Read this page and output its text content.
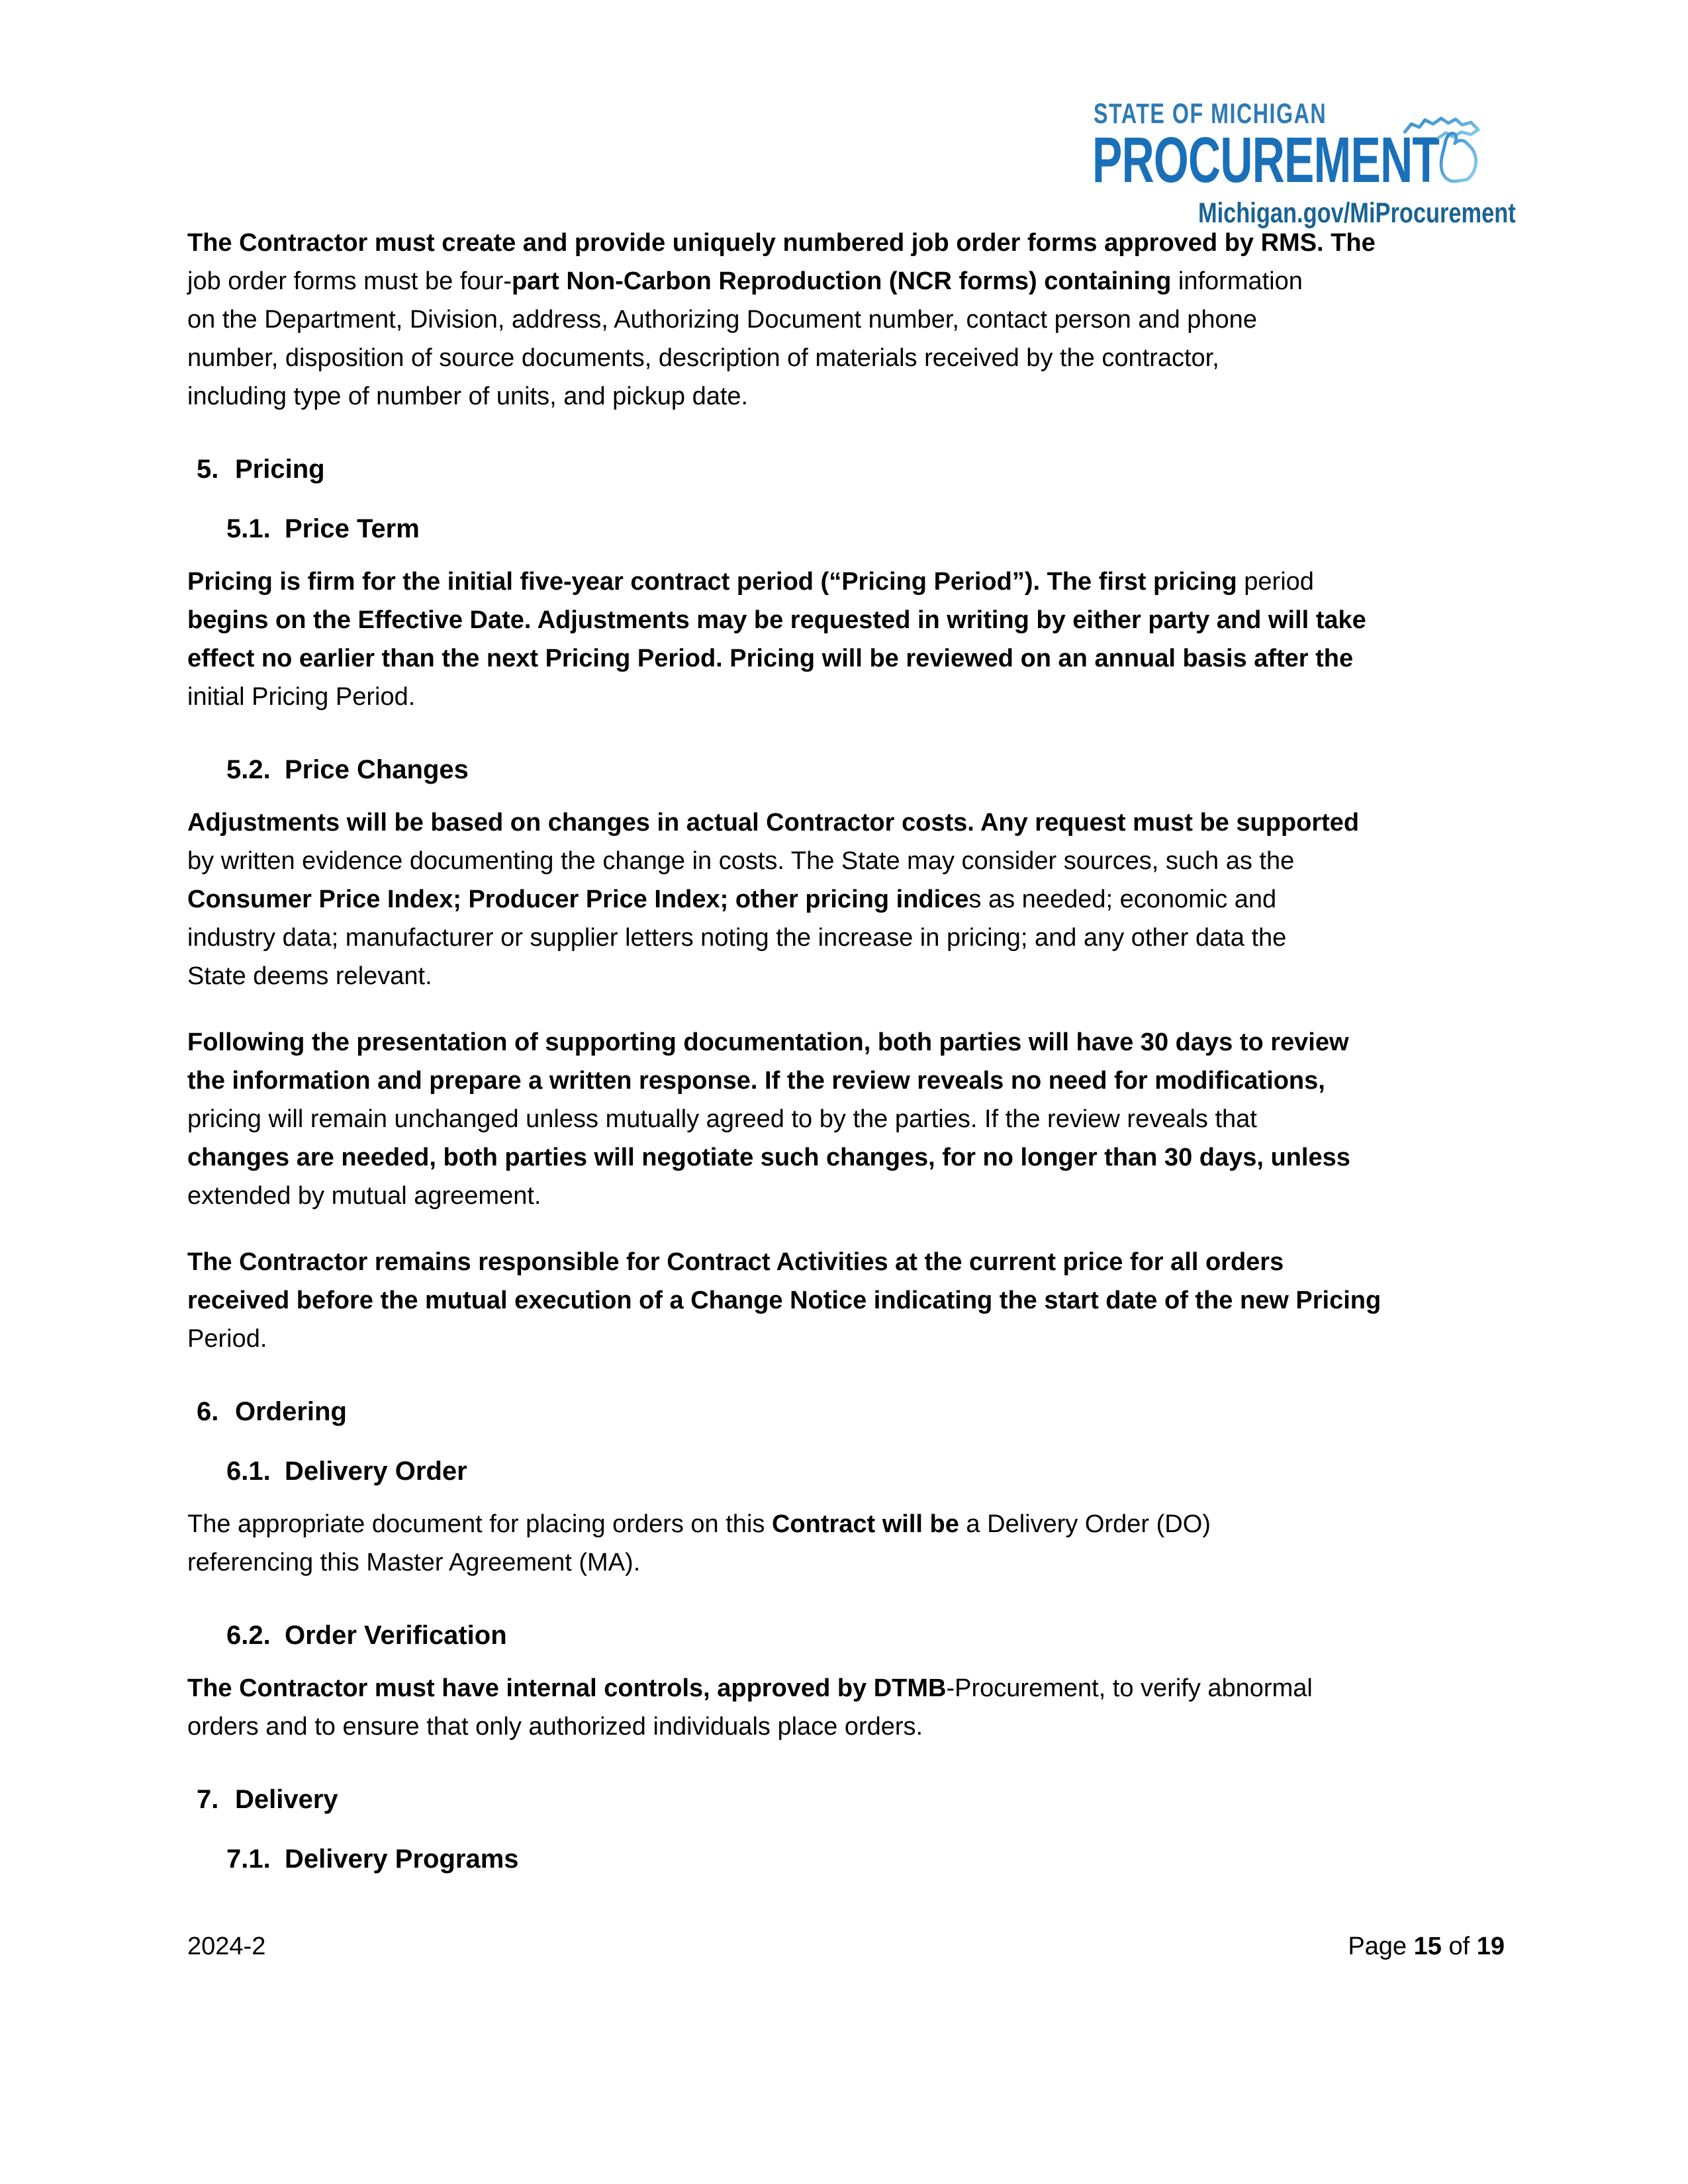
STATE OF MICHIGAN
PROCUREMENT
Michigan.gov/MiProcurement
The Contractor must create and provide uniquely numbered job order forms approved by RMS. The
job order forms must be four-part Non-Carbon Reproduction (NCR forms) containing information
on the Department, Division, address, Authorizing Document number, contact person and phone
number, disposition of source documents, description of materials received by the contractor,
including type of number of units, and pickup date.
5. Pricing
5.1. Price Term
Pricing is firm for the initial five-year contract period (“Pricing Period”). The first pricing period
begins on the Effective Date. Adjustments may be requested in writing by either party and will take
effect no earlier than the next Pricing Period. Pricing will be reviewed on an annual basis after the
initial Pricing Period.
5.2. Price Changes
Adjustments will be based on changes in actual Contractor costs. Any request must be supported
by written evidence documenting the change in costs. The State may consider sources, such as the
Consumer Price Index; Producer Price Index; other pricing indices as needed; economic and
industry data; manufacturer or supplier letters noting the increase in pricing; and any other data the
State deems relevant.
Following the presentation of supporting documentation, both parties will have 30 days to review
the information and prepare a written response. If the review reveals no need for modifications,
pricing will remain unchanged unless mutually agreed to by the parties. If the review reveals that
changes are needed, both parties will negotiate such changes, for no longer than 30 days, unless
extended by mutual agreement.
The Contractor remains responsible for Contract Activities at the current price for all orders
received before the mutual execution of a Change Notice indicating the start date of the new Pricing
Period.
6. Ordering
6.1. Delivery Order
The appropriate document for placing orders on this Contract will be a Delivery Order (DO)
referencing this Master Agreement (MA).
6.2. Order Verification
The Contractor must have internal controls, approved by DTMB-Procurement, to verify abnormal
orders and to ensure that only authorized individuals place orders.
7. Delivery
7.1. Delivery Programs
2024-2	Page 15 of 19
